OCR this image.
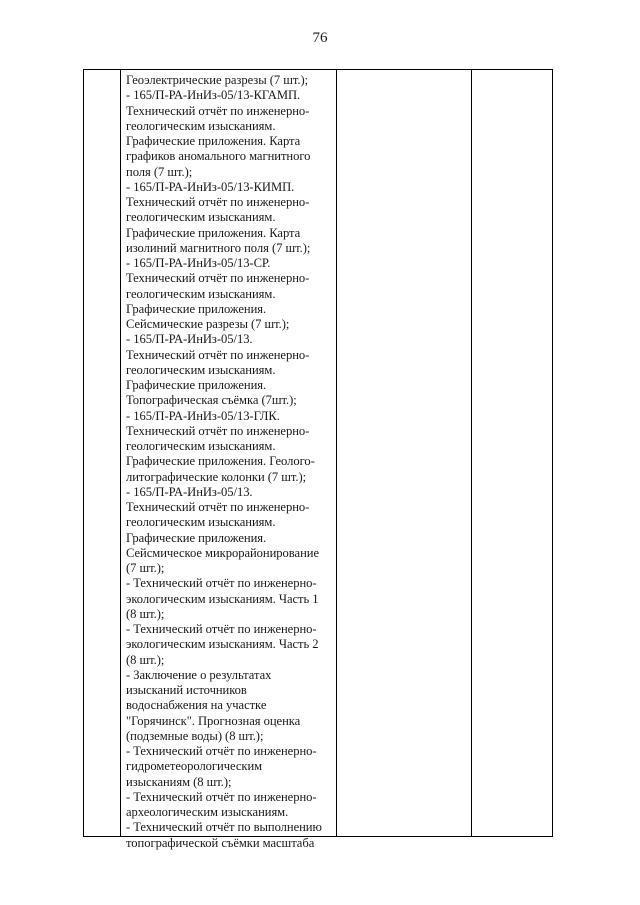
76
Геоэлектрические разрезы (7 шт.);
- 165/П-РА-ИнИз-05/13-КГАМП.
Технический отчёт по инженерно-
геологическим изысканиям.
Графические приложения. Карта
графиков аномального магнитного
поля (7 шт.);
- 165/П-РА-ИнИз-05/13-КИМП.
Технический отчёт по инженерно-
геологическим изысканиям.
Графические приложения. Карта
изолиний магнитного поля (7 шт.);
- 165/П-РА-ИнИз-05/13-СР.
Технический отчёт по инженерно-
геологическим изысканиям.
Графические приложения.
Сейсмические разрезы (7 шт.);
- 165/П-РА-ИнИз-05/13.
Технический отчёт по инженерно-
геологическим изысканиям.
Графические приложения.
Топографическая съёмка (7шт.);
- 165/П-РА-ИнИз-05/13-ГЛК.
Технический отчёт по инженерно-
геологическим изысканиям.
Графические приложения. Геолого-
литографические колонки (7 шт.);
- 165/П-РА-ИнИз-05/13.
Технический отчёт по инженерно-
геологическим изысканиям.
Графические приложения.
Сейсмическое микрорайонирование
(7 шт.);
- Технический отчёт по инженерно-
экологическим изысканиям. Часть 1
(8 шт.);
- Технический отчёт по инженерно-
экологическим изысканиям. Часть 2
(8 шт.);
- Заключение о результатах
изысканий источников
водоснабжения на участке
"Горячинск". Прогнозная оценка
(подземные воды) (8 шт.);
- Технический отчёт по инженерно-
гидрометеорологическим
изысканиям (8 шт.);
- Технический отчёт по инженерно-
археологическим изысканиям.
- Технический отчёт по выполнению
топографической съёмки масштаба
